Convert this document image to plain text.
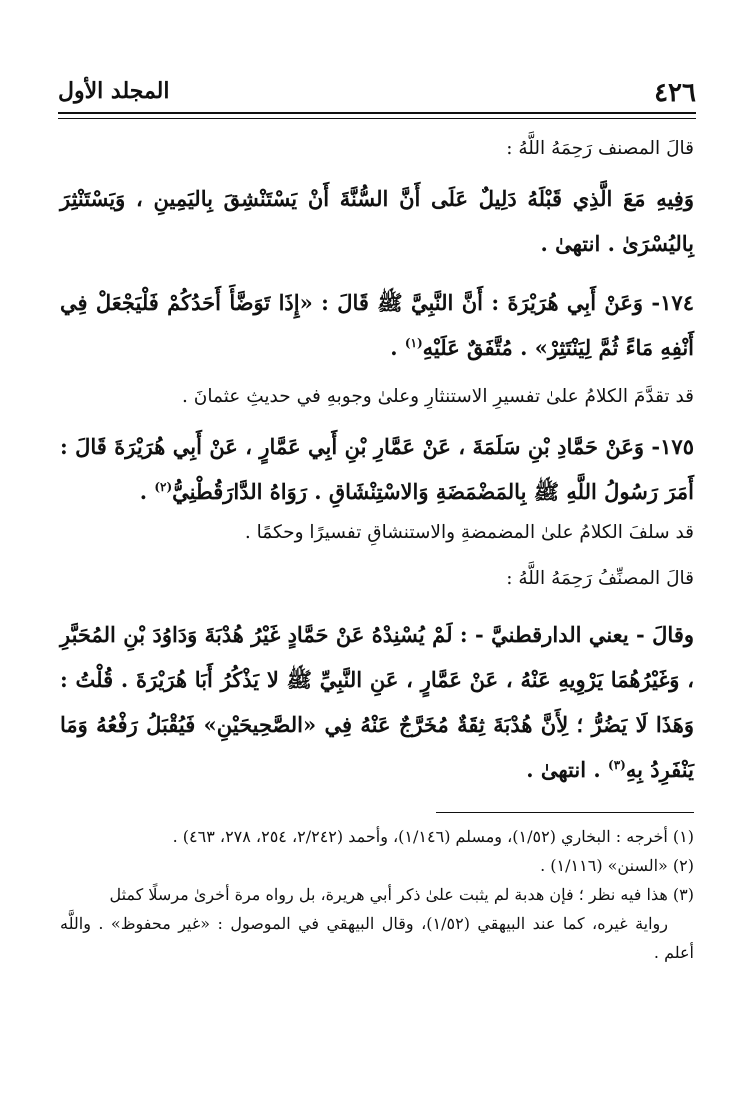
٤٢٦
المجلد الأول

قالَ المصنف رَحِمَهُ اللَّهُ :

وَفِيهِ مَعَ الَّذِي قَبْلَهُ دَلِيلٌ عَلَى أَنَّ السُّنَّةَ أَنْ يَسْتَنْشِقَ بِاليَمِينِ ، وَيَسْتَنْثِرَ بِاليُسْرَىٰ . انتهىٰ .

١٧٤- وَعَنْ أَبِي هُرَيْرَةَ : أَنَّ النَّبِيَّ ﷺ قَالَ : «إِذَا تَوَضَّأَ أَحَدُكُمْ فَلْيَجْعَلْ فِي أَنْفِهِ مَاءً ثُمَّ لِيَنْتَثِرْ» . مُتَّفَقٌ عَلَيْهِ$^{(١)}$ .

قد تقدَّمَ الكلامُ علىٰ تفسيرِ الاستنثارِ وعلىٰ وجوبهِ في حديثِ عثمانَ .

١٧٥- وَعَنْ حَمَّادِ بْنِ سَلَمَةَ ، عَنْ عَمَّارِ بْنِ أَبِي عَمَّارٍ ، عَنْ أَبِي هُرَيْرَةَ قَالَ : أَمَرَ رَسُولُ اللَّهِ ﷺ بِالمَضْمَضَةِ وَالاسْتِنْشَاقِ . رَوَاهُ الدَّارَقُطْنِيُّ$^{(٢)}$ .

قد سلفَ الكلامُ علىٰ المضمضةِ والاستنشاقِ تفسيرًا وحكمًا .

قالَ المصنِّفُ رَحِمَهُ اللَّهُ :

وقالَ - يعني الدارقطنيَّ - : لَمْ يُسْنِدْهُ عَنْ حَمَّادٍ غَيْرُ هُدْبَةَ وَدَاوُدَ بْنِ المُحَبَّرِ ، وَغَيْرُهُمَا يَرْوِيهِ عَنْهُ ، عَنْ عَمَّارٍ ، عَنِ النَّبِيِّ ﷺ لا يَذْكُرُ أَبَا هُرَيْرَةَ . قُلْتُ : وَهَذَا لَا يَضُرُّ ؛ لِأَنَّ هُدْبَةَ ثِقَةٌ مُخَرَّجٌ عَنْهُ فِي «الصَّحِيحَيْنِ» فَيُقْبَلُ رَفْعُهُ وَمَا يَنْفَرِدُ بِهِ$^{(٣)}$ . انتهىٰ .

(١) أخرجه : البخاري (١/٥٢)، ومسلم (١/١٤٦)، وأحمد (٢/٢٤٢، ٢٥٤، ٢٧٨، ٤٦٣) .

(٢) «السنن» (١/١١٦) .

(٣) هذا فيه نظر ؛ فإن هدبة لم يثبت علىٰ ذكر أبي هريرة، بل رواه مرة أخرىٰ مرسلًا كمثل
رواية غيره، كما عند البيهقي (١/٥٢)، وقال البيهقي في الموصول : «غير محفوظ» . واللَّه أعلم .
